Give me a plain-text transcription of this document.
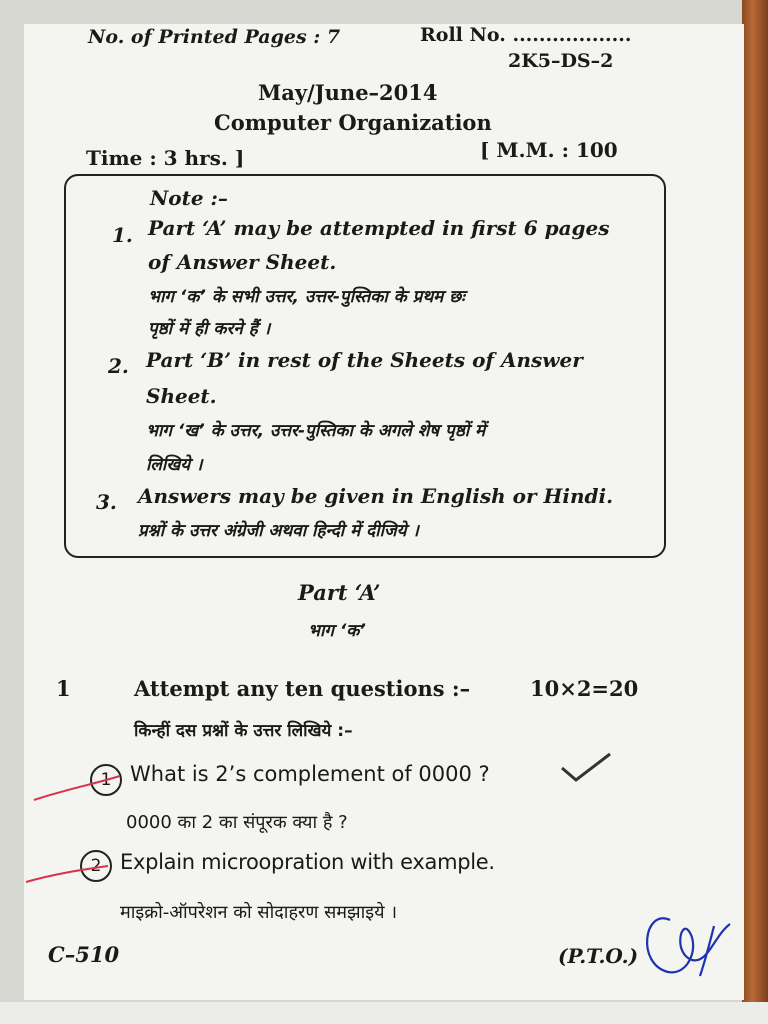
No. of Printed Pages : 7	Roll No. ..................
2K5–DS–2
May/June–2014
Computer Organization
Time : 3 hrs. ]	[ M.M. : 100
Note :–
1. Part ‘A’ may be attempted in first 6 pages
of Answer Sheet.
भाग ‘क’ के सभी उत्तर, उत्तर-पुस्तिका के प्रथम छः
पृष्ठों में ही करने हैं ।
2. Part ‘B’ in rest of the Sheets of Answer
Sheet.
भाग ‘ख’ के उत्तर, उत्तर-पुस्तिका के अगले शेष पृष्ठों में
लिखिये ।
3. Answers may be given in English or Hindi.
प्रश्नों के उत्तर अंग्रेजी अथवा हिन्दी में दीजिये ।
Part ‘A’
भाग ‘क’
1	Attempt any ten questions :–	10×2=20
किन्हीं दस प्रश्नों के उत्तर लिखिये :–
1 What is 2’s complement of 0000 ?
0000 का 2 का संपूरक क्या है ?
2 Explain microopration with example.
माइक्रो-ऑपरेशन को सोदाहरण समझाइये ।
C–510	(P.T.O.)
